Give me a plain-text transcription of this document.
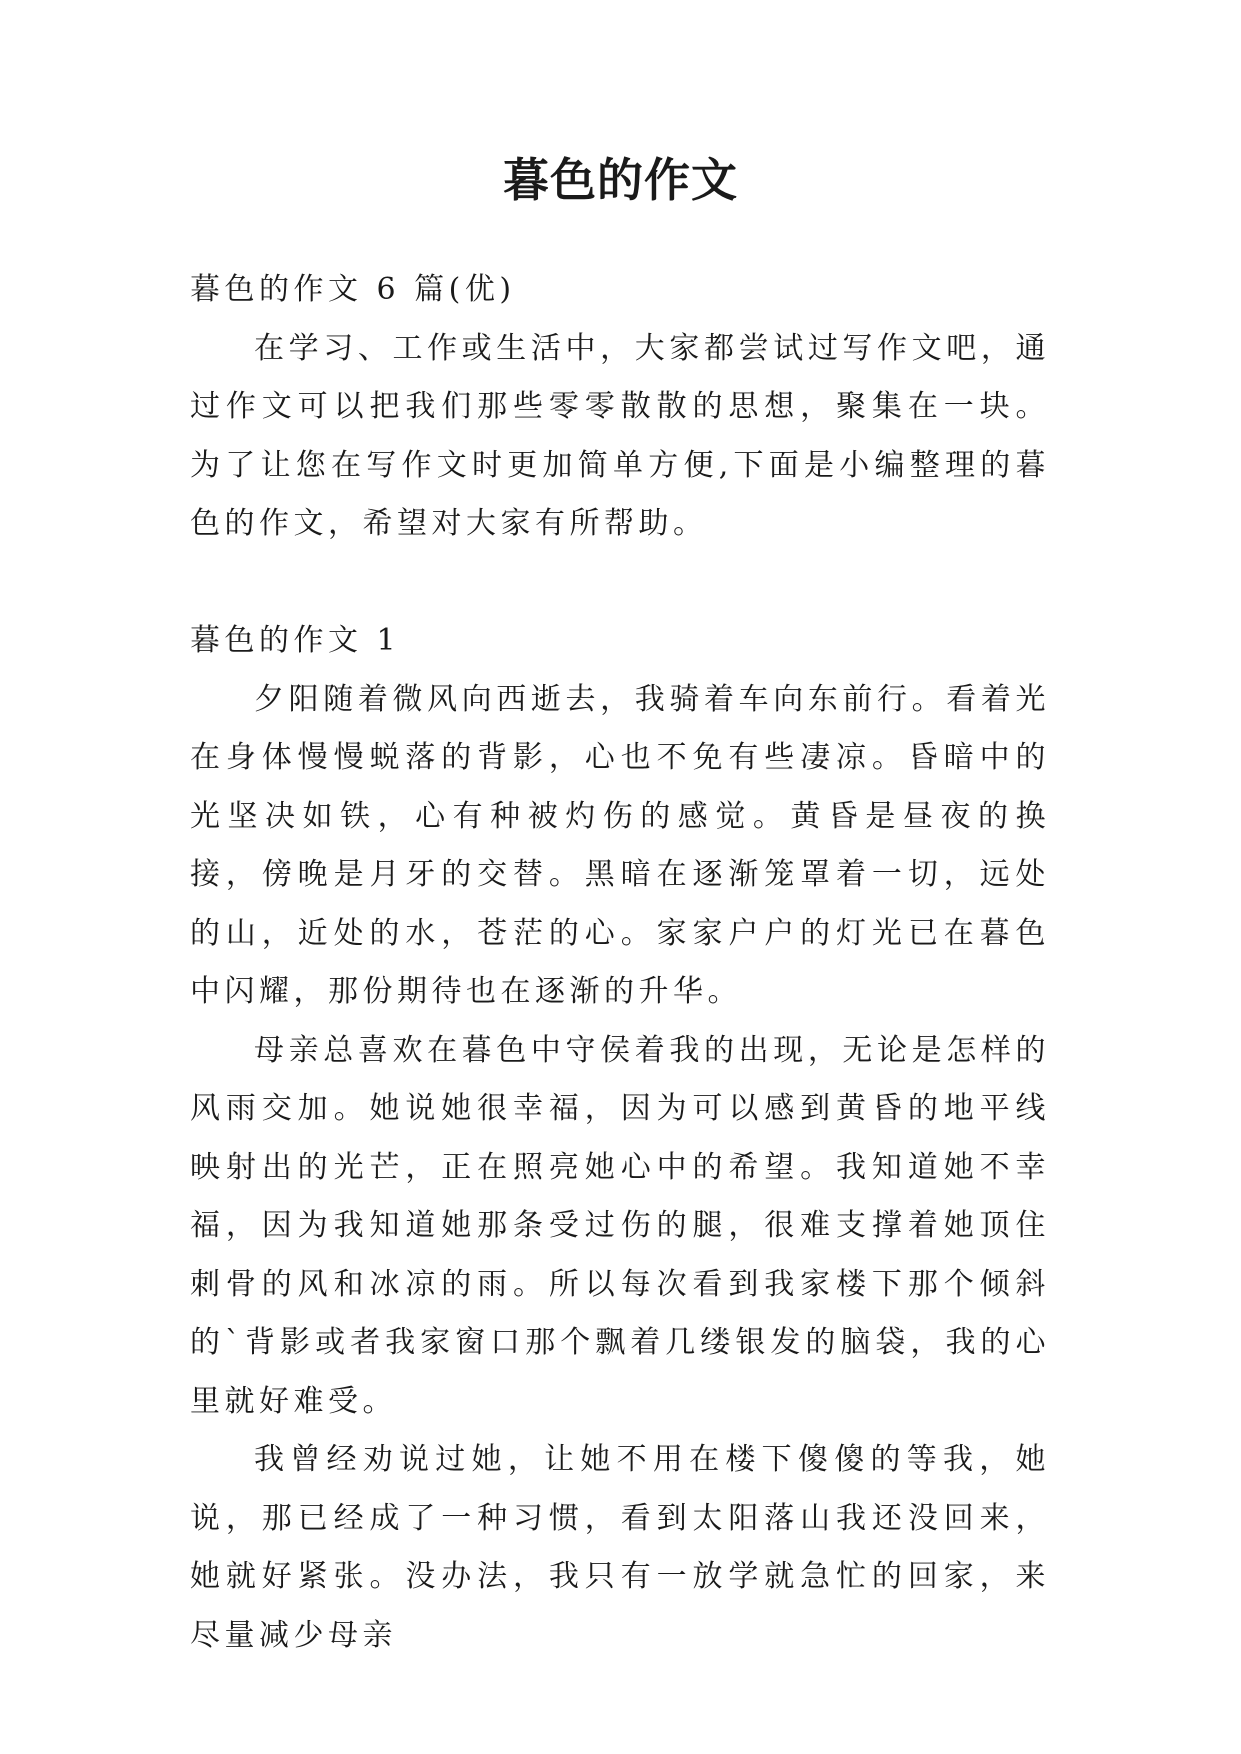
暮色的作文

暮色的作文 6 篇(优)

在学习、工作或生活中，大家都尝试过写作文吧，通过作文可以把我们那些零零散散的思想，聚集在一块。为了让您在写作文时更加简单方便,下面是小编整理的暮色的作文，希望对大家有所帮助。

暮色的作文 1

夕阳随着微风向西逝去，我骑着车向东前行。看着光在身体慢慢蜕落的背影，心也不免有些凄凉。昏暗中的光坚决如铁，心有种被灼伤的感觉。黄昏是昼夜的换接，傍晚是月牙的交替。黑暗在逐渐笼罩着一切，远处的山，近处的水，苍茫的心。家家户户的灯光已在暮色中闪耀，那份期待也在逐渐的升华。

母亲总喜欢在暮色中守侯着我的出现，无论是怎样的风雨交加。她说她很幸福，因为可以感到黄昏的地平线映射出的光芒，正在照亮她心中的希望。我知道她不幸福，因为我知道她那条受过伤的腿，很难支撑着她顶住刺骨的风和冰凉的雨。所以每次看到我家楼下那个倾斜的`背影或者我家窗口那个飘着几缕银发的脑袋，我的心里就好难受。

我曾经劝说过她，让她不用在楼下傻傻的等我，她说，那已经成了一种习惯，看到太阳落山我还没回来，她就好紧张。没办法，我只有一放学就急忙的回家，来尽量减少母亲
